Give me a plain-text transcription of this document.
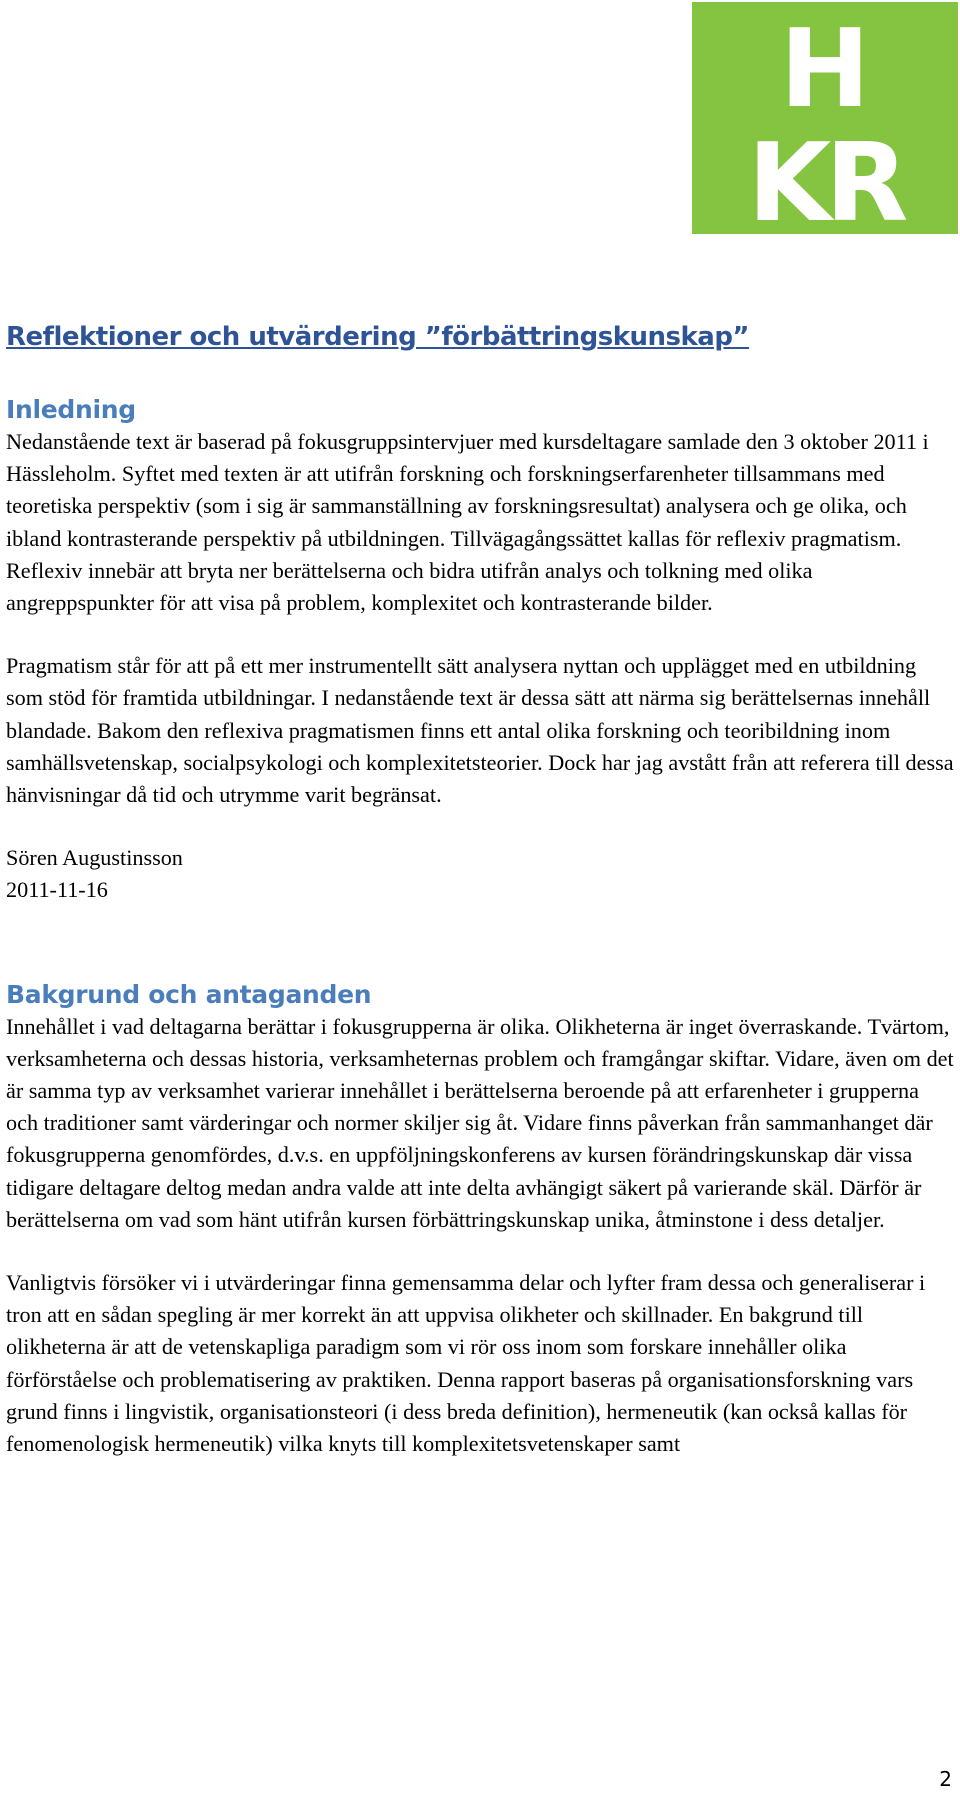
H
KR
Reflektioner och utvärdering ”förbättringskunskap”
Inledning

Nedanstående text är baserad på fokusgruppsintervjuer med kursdeltagare samlade den 3 oktober 2011 i Hässleholm. Syftet med texten är att utifrån forskning och forskningserfarenheter tillsammans med teoretiska perspektiv (som i sig är sammanställning av forskningsresultat) analysera och ge olika, och ibland kontrasterande perspektiv på utbildningen. Tillvägagångssättet kallas för reflexiv pragmatism. Reflexiv innebär att bryta ner berättelserna och bidra utifrån analys och tolkning med olika angreppspunkter för att visa på problem, komplexitet och kontrasterande bilder.

Pragmatism står för att på ett mer instrumentellt sätt analysera nyttan och upplägget med en utbildning som stöd för framtida utbildningar. I nedanstående text är dessa sätt att närma sig berättelsernas innehåll blandade. Bakom den reflexiva pragmatismen finns ett antal olika forskning och teoribildning inom samhällsvetenskap, socialpsykologi och komplexitetsteorier. Dock har jag avstått från att referera till dessa hänvisningar då tid och utrymme varit begränsat.

Sören Augustinsson
2011-11-16
Bakgrund och antaganden

Innehållet i vad deltagarna berättar i fokusgrupperna är olika. Olikheterna är inget överraskande. Tvärtom, verksamheterna och dessas historia, verksamheternas problem och framgångar skiftar. Vidare, även om det är samma typ av verksamhet varierar innehållet i berättelserna beroende på att erfarenheter i grupperna och traditioner samt värderingar och normer skiljer sig åt. Vidare finns påverkan från sammanhanget där fokusgrupperna genomfördes, d.v.s. en uppföljningskonferens av kursen förändringskunskap där vissa tidigare deltagare deltog medan andra valde att inte delta avhängigt säkert på varierande skäl. Därför är berättelserna om vad som hänt utifrån kursen förbättringskunskap unika, åtminstone i dess detaljer.

Vanligtvis försöker vi i utvärderingar finna gemensamma delar och lyfter fram dessa och generaliserar i tron att en sådan spegling är mer korrekt än att uppvisa olikheter och skillnader. En bakgrund till olikheterna är att de vetenskapliga paradigm som vi rör oss inom som forskare innehåller olika förförståelse och problematisering av praktiken. Denna rapport baseras på organisationsforskning vars grund finns i lingvistik, organisationsteori (i dess breda definition), hermeneutik (kan också kallas för fenomenologisk hermeneutik) vilka knyts till komplexitetsvetenskaper samt

2
